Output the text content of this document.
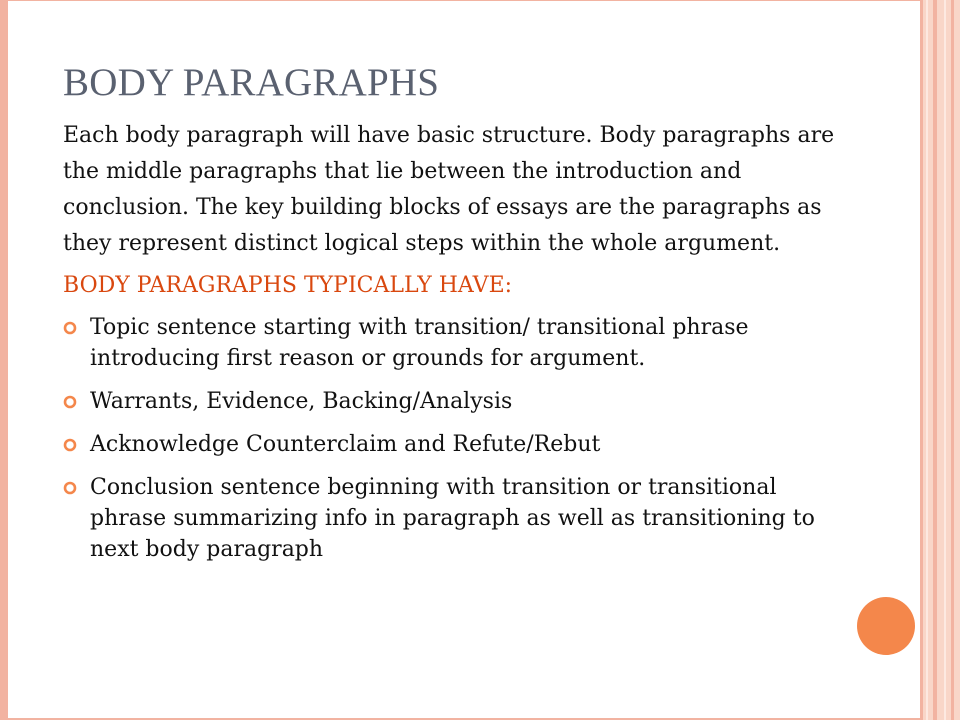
BODY PARAGRAPHS

Each body paragraph will have basic structure. Body paragraphs are the middle paragraphs that lie between the introduction and conclusion. The key building blocks of essays are the paragraphs as they represent distinct logical steps within the whole argument.

BODY PARAGRAPHS TYPICALLY HAVE:

Topic sentence starting with transition/ transitional phrase introducing first reason or grounds for argument.
Warrants, Evidence, Backing/Analysis
Acknowledge Counterclaim and Refute/Rebut
Conclusion sentence beginning with transition or transitional phrase summarizing info in paragraph as well as transitioning to next body paragraph
